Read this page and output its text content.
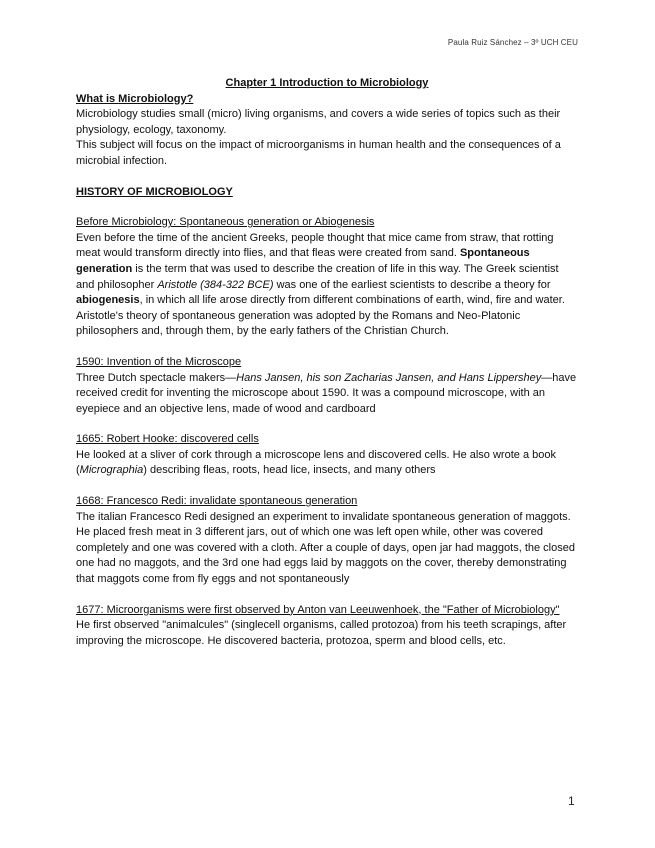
Paula Ruiz Sánchez – 3º UCH CEU

Chapter 1 Introduction to Microbiology

What is Microbiology?

Microbiology studies small (micro) living organisms, and covers a wide series of topics such as their physiology, ecology, taxonomy.

This subject will focus on the impact of microorganisms in human health and the consequences of a microbial infection.

HISTORY OF MICROBIOLOGY

Before Microbiology: Spontaneous generation or Abiogenesis

Even before the time of the ancient Greeks, people thought that mice came from straw, that rotting meat would transform directly into flies, and that fleas were created from sand. Spontaneous generation is the term that was used to describe the creation of life in this way. The Greek scientist and philosopher Aristotle (384-322 BCE) was one of the earliest scientists to describe a theory for abiogenesis, in which all life arose directly from different combinations of earth, wind, fire and water. Aristotle's theory of spontaneous generation was adopted by the Romans and Neo-Platonic philosophers and, through them, by the early fathers of the Christian Church.

1590: Invention of the Microscope

Three Dutch spectacle makers—Hans Jansen, his son Zacharias Jansen, and Hans Lippershey—have received credit for inventing the microscope about 1590. It was a compound microscope, with an eyepiece and an objective lens, made of wood and cardboard

1665: Robert Hooke: discovered cells

He looked at a sliver of cork through a microscope lens and discovered cells. He also wrote a book (Micrographia) describing fleas, roots, head lice, insects, and many others

1668: Francesco Redi: invalidate spontaneous generation

The italian Francesco Redi designed an experiment to invalidate spontaneous generation of maggots. He placed fresh meat in 3 different jars, out of which one was left open while, other was covered completely and one was covered with a cloth. After a couple of days, open jar had maggots, the closed one had no maggots, and the 3rd one had eggs laid by maggots on the cover, thereby demonstrating that maggots come from fly eggs and not spontaneously

1677: Microorganisms were first observed by Anton van Leeuwenhoek, the "Father of Microbiology"

He first observed "animalcules" (singlecell organisms, called protozoa) from his teeth scrapings, after improving the microscope. He discovered bacteria, protozoa, sperm and blood cells, etc.

1
